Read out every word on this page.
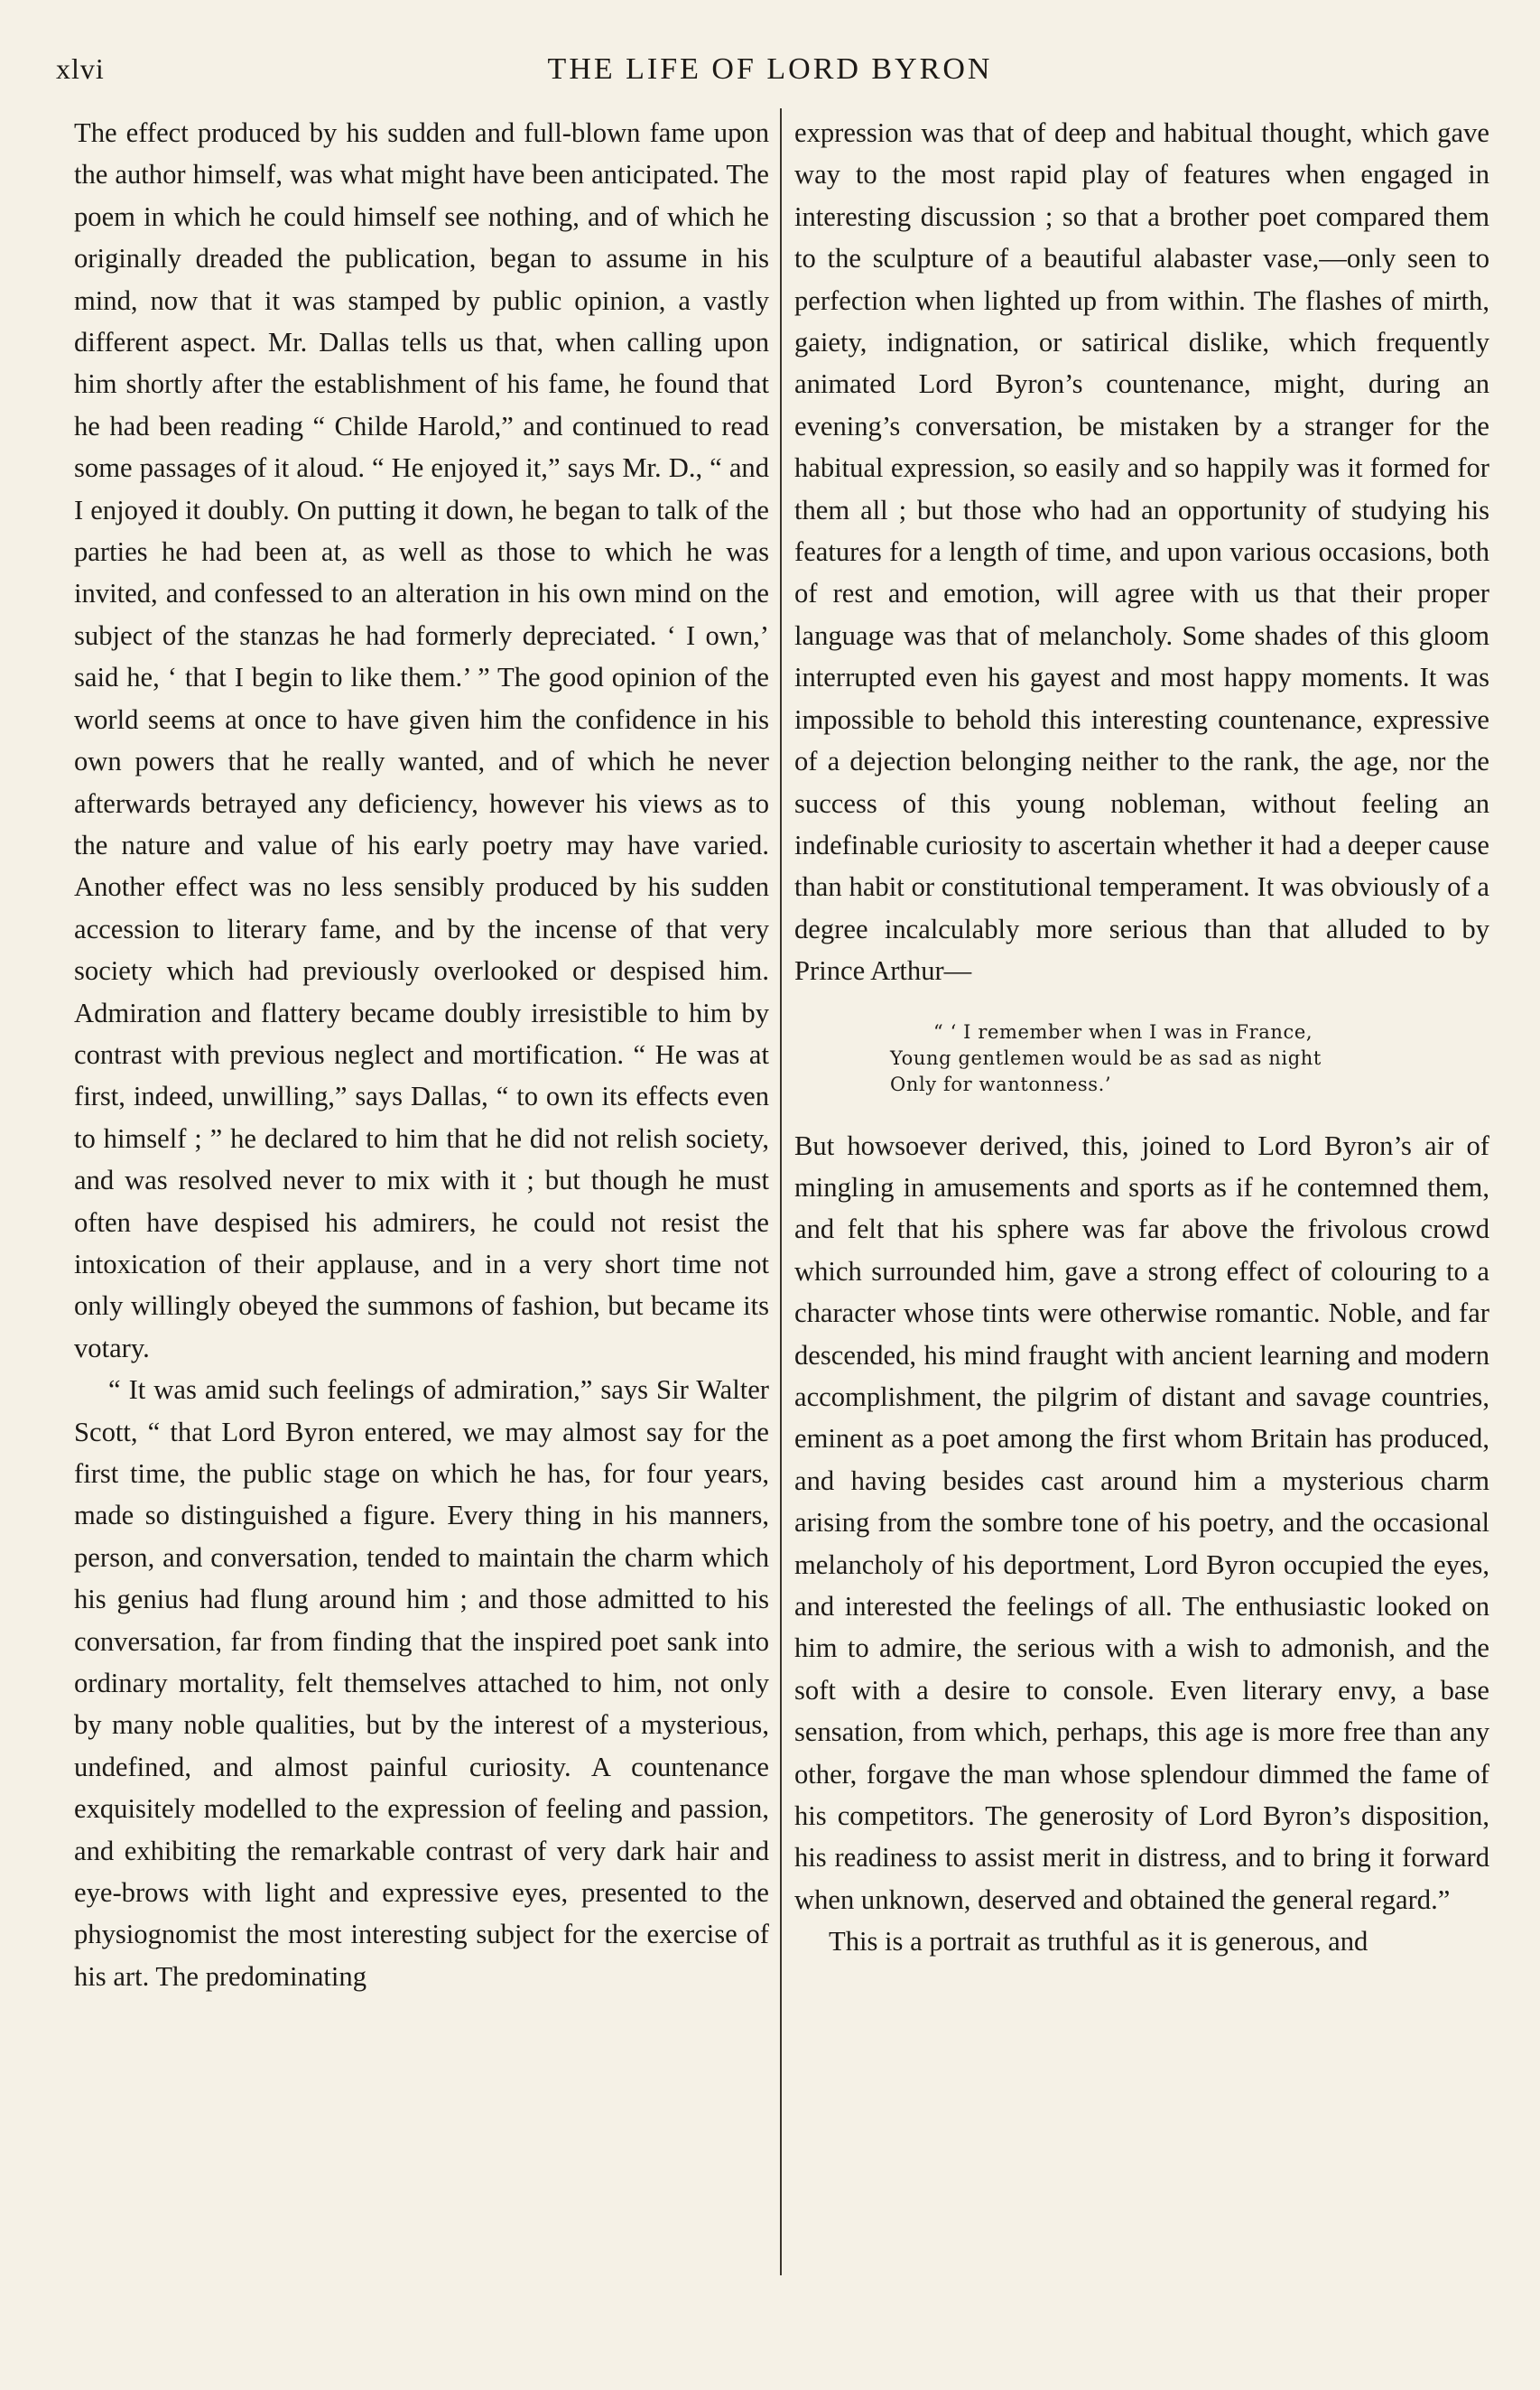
xlvi	THE LIFE OF LORD BYRON

The effect produced by his sudden and full-blown fame upon the author himself, was what might have been anticipated. The poem in which he could himself see nothing, and of which he originally dreaded the publication, began to assume in his mind, now that it was stamped by public opinion, a vastly different aspect. Mr. Dallas tells us that, when calling upon him shortly after the establishment of his fame, he found that he had been reading “ Childe Harold,” and continued to read some passages of it aloud. “ He enjoyed it,” says Mr. D., “ and I enjoyed it doubly. On putting it down, he began to talk of the parties he had been at, as well as those to which he was invited, and confessed to an alteration in his own mind on the subject of the stanzas he had formerly depreciated. ‘ I own,’ said he, ‘ that I begin to like them.’ ” The good opinion of the world seems at once to have given him the confidence in his own powers that he really wanted, and of which he never afterwards betrayed any deficiency, however his views as to the nature and value of his early poetry may have varied. Another effect was no less sensibly produced by his sudden accession to literary fame, and by the incense of that very society which had previously overlooked or despised him. Admiration and flattery became doubly irresistible to him by contrast with previous neglect and mortification. “ He was at first, indeed, unwilling,” says Dallas, “ to own its effects even to himself ; ” he declared to him that he did not relish society, and was resolved never to mix with it ; but though he must often have despised his admirers, he could not resist the intoxication of their applause, and in a very short time not only willingly obeyed the summons of fashion, but became its votary.

“ It was amid such feelings of admiration,” says Sir Walter Scott, “ that Lord Byron entered, we may almost say for the first time, the public stage on which he has, for four years, made so distinguished a figure. Every thing in his manners, person, and conversation, tended to maintain the charm which his genius had flung around him ; and those admitted to his conversation, far from finding that the inspired poet sank into ordinary mortality, felt themselves attached to him, not only by many noble qualities, but by the interest of a mysterious, undefined, and almost painful curiosity. A countenance exquisitely modelled to the expression of feeling and passion, and exhibiting the remarkable contrast of very dark hair and eye-brows with light and expressive eyes, presented to the physiognomist the most interesting subject for the exercise of his art. The predominating

expression was that of deep and habitual thought, which gave way to the most rapid play of features when engaged in interesting discussion ; so that a brother poet compared them to the sculpture of a beautiful alabaster vase,—only seen to perfection when lighted up from within. The flashes of mirth, gaiety, indignation, or satirical dislike, which frequently animated Lord Byron’s countenance, might, during an evening’s conversation, be mistaken by a stranger for the habitual expression, so easily and so happily was it formed for them all ; but those who had an opportunity of studying his features for a length of time, and upon various occasions, both of rest and emotion, will agree with us that their proper language was that of melancholy. Some shades of this gloom interrupted even his gayest and most happy moments. It was impossible to behold this interesting countenance, expressive of a dejection belonging neither to the rank, the age, nor the success of this young nobleman, without feeling an indefinable curiosity to ascertain whether it had a deeper cause than habit or constitutional temperament. It was obviously of a degree incalculably more serious than that alluded to by Prince Arthur—

“ ‘ I remember when I was in France,
Young gentlemen would be as sad as night
Only for wantonness.’

But howsoever derived, this, joined to Lord Byron’s air of mingling in amusements and sports as if he contemned them, and felt that his sphere was far above the frivolous crowd which surrounded him, gave a strong effect of colouring to a character whose tints were otherwise romantic. Noble, and far descended, his mind fraught with ancient learning and modern accomplishment, the pilgrim of distant and savage countries, eminent as a poet among the first whom Britain has produced, and having besides cast around him a mysterious charm arising from the sombre tone of his poetry, and the occasional melancholy of his deportment, Lord Byron occupied the eyes, and interested the feelings of all. The enthusiastic looked on him to admire, the serious with a wish to admonish, and the soft with a desire to console. Even literary envy, a base sensation, from which, perhaps, this age is more free than any other, forgave the man whose splendour dimmed the fame of his competitors. The generosity of Lord Byron’s disposition, his readiness to assist merit in distress, and to bring it forward when unknown, deserved and obtained the general regard.”

This is a portrait as truthful as it is generous, and
